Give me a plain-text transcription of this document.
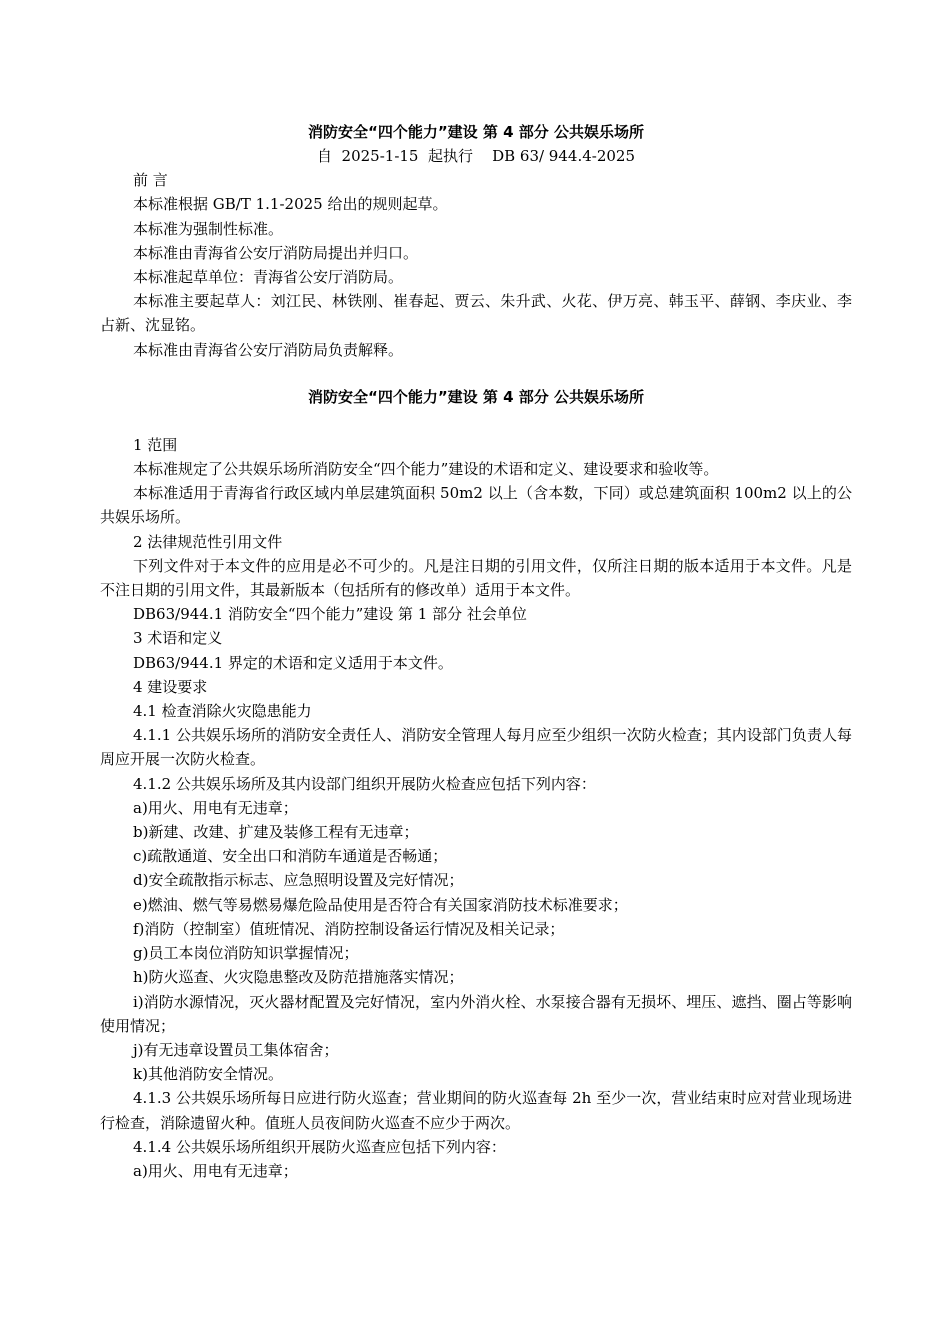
消防安全“四个能力”建设 第 4 部分 公共娱乐场所

自  2025-1-15  起执行    DB 63/ 944.4-2025

前 言

本标准根据 GB/T 1.1-2025 给出的规则起草。

本标准为强制性标准。

本标准由青海省公安厅消防局提出并归口。

本标准起草单位：青海省公安厅消防局。

本标准主要起草人：刘江民、林铁刚、崔春起、贾云、朱升武、火花、伊万亮、韩玉平、薛钢、李庆业、李占新、沈显铭。

本标准由青海省公安厅消防局负责解释。

消防安全“四个能力”建设 第 4 部分 公共娱乐场所

1 范围

本标准规定了公共娱乐场所消防安全“四个能力”建设的术语和定义、建设要求和验收等。

本标准适用于青海省行政区域内单层建筑面积 50m2 以上（含本数，下同）或总建筑面积 100m2 以上的公共娱乐场所。

2 法律规范性引用文件

下列文件对于本文件的应用是必不可少的。凡是注日期的引用文件，仅所注日期的版本适用于本文件。凡是不注日期的引用文件，其最新版本（包括所有的修改单）适用于本文件。

DB63/944.1 消防安全“四个能力”建设 第 1 部分 社会单位

3 术语和定义

DB63/944.1 界定的术语和定义适用于本文件。

4 建设要求

4.1 检查消除火灾隐患能力

4.1.1 公共娱乐场所的消防安全责任人、消防安全管理人每月应至少组织一次防火检查；其内设部门负责人每周应开展一次防火检查。

4.1.2 公共娱乐场所及其内设部门组织开展防火检查应包括下列内容：

a)用火、用电有无违章；

b)新建、改建、扩建及装修工程有无违章；

c)疏散通道、安全出口和消防车通道是否畅通；

d)安全疏散指示标志、应急照明设置及完好情况；

e)燃油、燃气等易燃易爆危险品使用是否符合有关国家消防技术标准要求；

f)消防（控制室）值班情况、消防控制设备运行情况及相关记录；

g)员工本岗位消防知识掌握情况；

h)防火巡查、火灾隐患整改及防范措施落实情况；

i)消防水源情况，灭火器材配置及完好情况，室内外消火栓、水泵接合器有无损坏、埋压、遮挡、圈占等影响使用情况；

j)有无违章设置员工集体宿舍；

k)其他消防安全情况。

4.1.3 公共娱乐场所每日应进行防火巡查；营业期间的防火巡查每 2h 至少一次，营业结束时应对营业现场进行检查，消除遗留火种。值班人员夜间防火巡查不应少于两次。

4.1.4 公共娱乐场所组织开展防火巡查应包括下列内容：

a)用火、用电有无违章；
